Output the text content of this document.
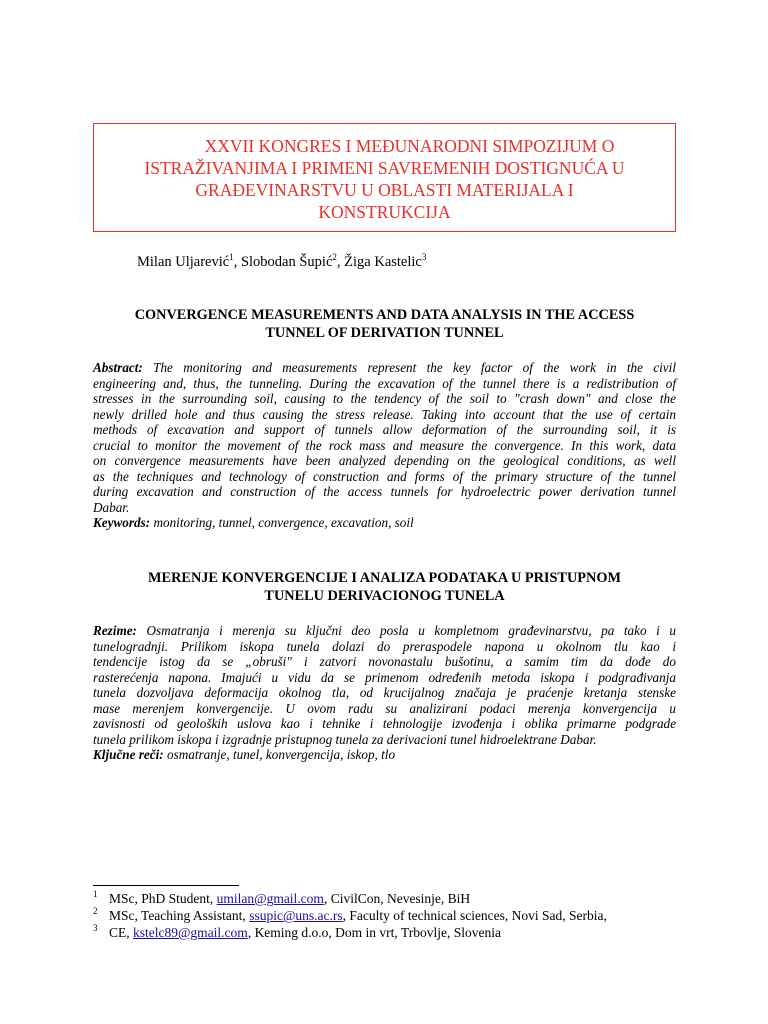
XXVII KONGRES I MEĐUNARODNI SIMPOZIJUM O
ISTRAŽIVANJIMA I PRIMENI SAVREMENIH DOSTIGNUĆA U
GRAĐEVINARSTVU U OBLASTI MATERIJALA I
KONSTRUKCIJA
Milan Uljarević$^1$, Slobodan Šupić$^2$, Žiga Kastelic$^3$
CONVERGENCE MEASUREMENTS AND DATA ANALYSIS IN THE ACCESS
TUNNEL OF DERIVATION TUNNEL
Abstract: The monitoring and measurements represent the key factor of the work in the civil
engineering and, thus, the tunneling. During the excavation of the tunnel there is a redistribution of
stresses in the surrounding soil, causing to the tendency of the soil to "crash down" and close the
newly drilled hole and thus causing the stress release. Taking into account that the use of certain
methods of excavation and support of tunnels allow deformation of the surrounding soil, it is
crucial to monitor the movement of the rock mass and measure the convergence. In this work, data
on convergence measurements have been analyzed depending on the geological conditions, as well
as the techniques and technology of construction and forms of the primary structure of the tunnel
during excavation and construction of the access tunnels for hydroelectric power derivation tunnel
Dabar.
Keywords: monitoring, tunnel, convergence, excavation, soil
MERENJE KONVERGENCIJE I ANALIZA PODATAKA U PRISTUPNOM
TUNELU DERIVACIONOG TUNELA
Rezime: Osmatranja i merenja su ključni deo posla u kompletnom građevinarstvu, pa tako i u
tunelogradnji. Prilikom iskopa tunela dolazi do preraspodele napona u okolnom tlu kao i
tendencije istog da se „obruši" i zatvori novonastalu bušotinu, a samim tim da dođe do
rasterećenja napona. Imajući u vidu da se primenom određenih metoda iskopa i podgrađivanja
tunela dozvoljava deformacija okolnog tla, od krucijalnog značaja je praćenje kretanja stenske
mase merenjem konvergencije. U ovom radu su analizirani podaci merenja konvergencija u
zavisnosti od geoloških uslova kao i tehnike i tehnologije izvođenja i oblika primarne podgrade
tunela prilikom iskopa i izgradnje pristupnog tunela za derivacioni tunel hidroelektrane Dabar.
Ključne reči: osmatranje, tunel, konvergencija, iskop, tlo
1 MSc, PhD Student, umilan@gmail.com, CivilCon, Nevesinje, BiH
2 MSc, Teaching Assistant, ssupic@uns.ac.rs, Faculty of technical sciences, Novi Sad, Serbia,
3 CE, kstelc89@gmail.com, Keming d.o.o, Dom in vrt, Trbovlje, Slovenia
